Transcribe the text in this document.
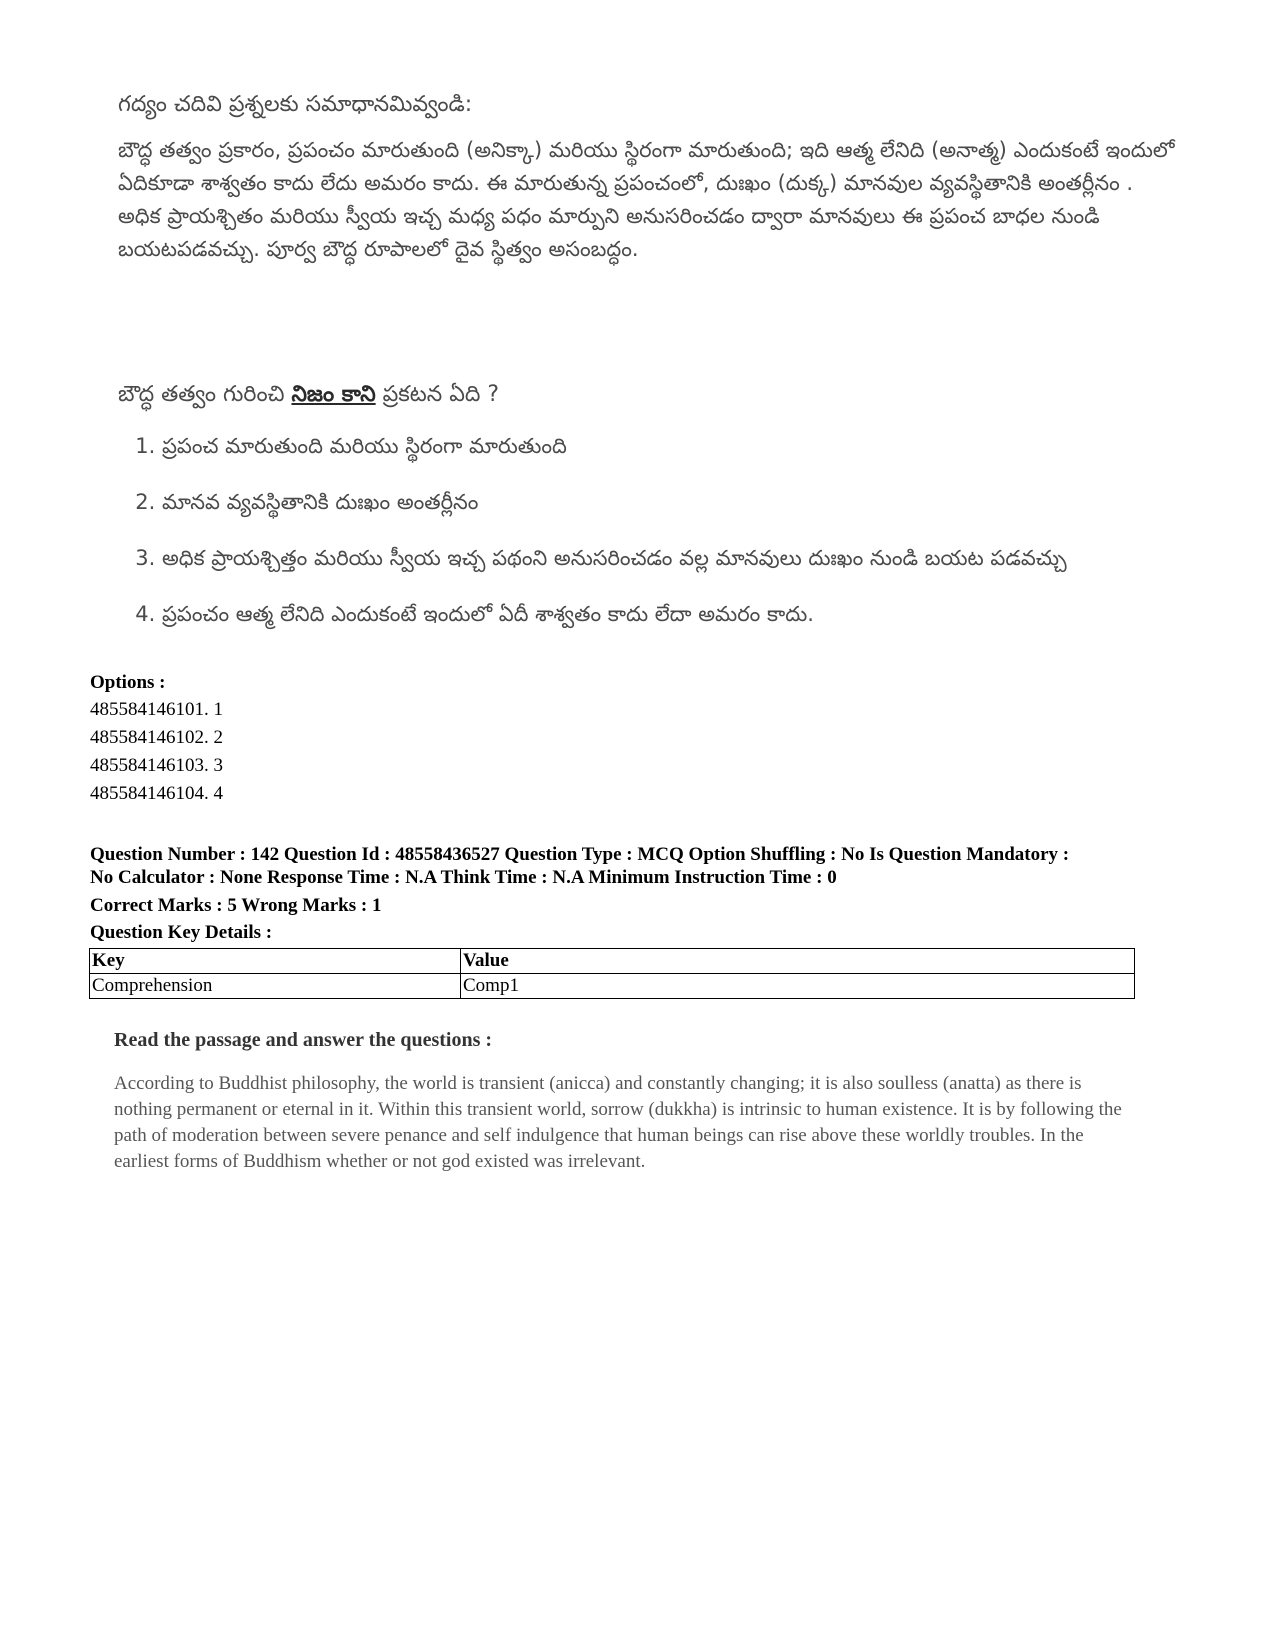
గద్యం చదివి ప్రశ్నలకు సమాధానమివ్వండి:
బౌద్ధ తత్వం ప్రకారం, ప్రపంచం మారుతుంది (అనిక్కా) మరియు స్థిరంగా మారుతుంది; ఇది ఆత్మ లేనిది (అనాత్మ) ఎందుకంటే ఇందులో ఏదికూడా శాశ్వతం కాదు లేదు అమరం కాదు. ఈ మారుతున్న ప్రపంచంలో, దుఃఖం (దుక్క) మానవుల వ్యవస్థితానికి అంతర్లీనం . అధిక ప్రాయశ్చితం మరియు స్వీయ ఇచ్చ మధ్య పధం మార్పుని అనుసరించడం ద్వారా మానవులు ఈ ప్రపంచ బాధల నుండి బయటపడవచ్చు. పూర్వ బౌద్ధ రూపాలలో దైవ స్థిత్వం అసంబద్ధం.
బౌద్ధ తత్వం గురించి నిజం కాని ప్రకటన ఏది ?
1. ప్రపంచ మారుతుంది మరియు స్థిరంగా మారుతుంది
2. మానవ వ్యవస్థితానికి దుఃఖం అంతర్లీనం
3. అధిక ప్రాయశ్చిత్తం మరియు స్వీయ ఇచ్చ పథంని అనుసరించడం వల్ల మానవులు దుఃఖం నుండి బయట పడవచ్చు
4. ప్రపంచం ఆత్మ లేనిది ఎందుకంటే ఇందులో ఏదీ శాశ్వతం కాదు లేదా అమరం కాదు.
Options :
485584146101. 1
485584146102. 2
485584146103. 3
485584146104. 4
Question Number : 142 Question Id : 48558436527 Question Type : MCQ Option Shuffling : No Is Question Mandatory :
No Calculator : None Response Time : N.A Think Time : N.A Minimum Instruction Time : 0
Correct Marks : 5 Wrong Marks : 1
Question Key Details :
Key	Value
Comprehension	Comp1
Read the passage and answer the questions :
According to Buddhist philosophy, the world is transient (anicca) and constantly changing; it is also soulless (anatta) as there is nothing permanent or eternal in it. Within this transient world, sorrow (dukkha) is intrinsic to human existence. It is by following the path of moderation between severe penance and self indulgence that human beings can rise above these worldly troubles. In the earliest forms of Buddhism whether or not god existed was irrelevant.
